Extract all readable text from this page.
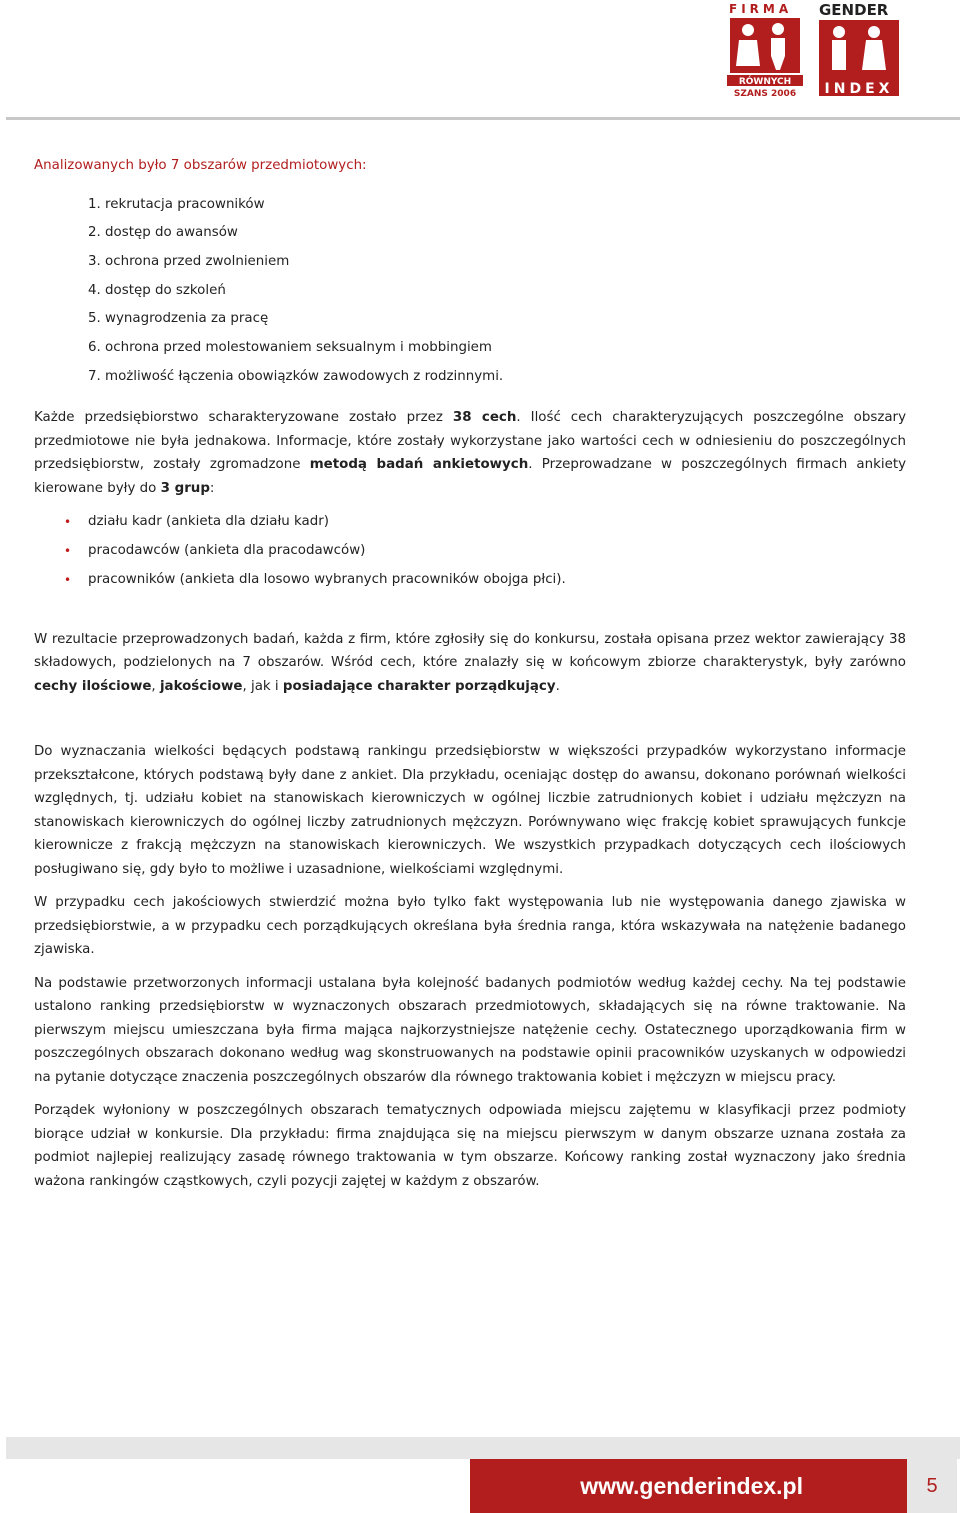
FIRMA GENDER
RÓWNYCH
SZANS 2006 INDEX
Analizowanych było 7 obszarów przedmiotowych:
1. rekrutacja pracowników
2. dostęp do awansów
3. ochrona przed zwolnieniem
4. dostęp do szkoleń
5. wynagrodzenia za pracę
6. ochrona przed molestowaniem seksualnym i mobbingiem
7. możliwość łączenia obowiązków zawodowych z rodzinnymi.

Każde przedsiębiorstwo scharakteryzowane zostało przez 38 cech. Ilość cech charakteryzujących poszczególne obszary przedmiotowe nie była jednakowa. Informacje, które zostały wykorzystane jako wartości cech w odniesieniu do poszczególnych przedsiębiorstw, zostały zgromadzone metodą badań ankietowych. Przeprowadzane w poszczególnych firmach ankiety kierowane były do 3 grup:

• działu kadr (ankieta dla działu kadr)
• pracodawców (ankieta dla pracodawców)
• pracowników (ankieta dla losowo wybranych pracowników obojga płci).

W rezultacie przeprowadzonych badań, każda z firm, które zgłosiły się do konkursu, została opisana przez wektor zawierający 38 składowych, podzielonych na 7 obszarów. Wśród cech, które znalazły się w końcowym zbiorze charakterystyk, były zarówno cechy ilościowe, jakościowe, jak i posiadające charakter porządkujący.

Do wyznaczania wielkości będących podstawą rankingu przedsiębiorstw w większości przypadków wykorzystano informacje przekształcone, których podstawą były dane z ankiet. Dla przykładu, oceniając dostęp do awansu, dokonano porównań wielkości względnych, tj. udziału kobiet na stanowiskach kierowniczych w ogólnej liczbie zatrudnionych kobiet i udziału mężczyzn na stanowiskach kierowniczych do ogólnej liczby zatrudnionych mężczyzn. Porównywano więc frakcję kobiet sprawujących funkcje kierownicze z frakcją mężczyzn na stanowiskach kierowniczych. We wszystkich przypadkach dotyczących cech ilościowych posługiwano się, gdy było to możliwe i uzasadnione, wielkościami względnymi.

W przypadku cech jakościowych stwierdzić można było tylko fakt występowania lub nie występowania danego zjawiska w przedsiębiorstwie, a w przypadku cech porządkujących określana była średnia ranga, która wskazywała na natężenie badanego zjawiska.

Na podstawie przetworzonych informacji ustalana była kolejność badanych podmiotów według każdej cechy. Na tej podstawie ustalono ranking przedsiębiorstw w wyznaczonych obszarach przedmiotowych, składających się na równe traktowanie. Na pierwszym miejscu umieszczana była firma mająca najkorzystniejsze natężenie cechy. Ostatecznego uporządkowania firm w poszczególnych obszarach dokonano według wag skonstruowanych na podstawie opinii pracowników uzyskanych w odpowiedzi na pytanie dotyczące znaczenia poszczególnych obszarów dla równego traktowania kobiet i mężczyzn w miejscu pracy.

Porządek wyłoniony w poszczególnych obszarach tematycznych odpowiada miejscu zajętemu w klasyfikacji przez podmioty biorące udział w konkursie. Dla przykładu: firma znajdująca się na miejscu pierwszym w danym obszarze uznana została za podmiot najlepiej realizujący zasadę równego traktowania w tym obszarze. Końcowy ranking został wyznaczony jako średnia ważona rankingów cząstkowych, czyli pozycji zajętej w każdym z obszarów.

www.genderindex.pl	5
